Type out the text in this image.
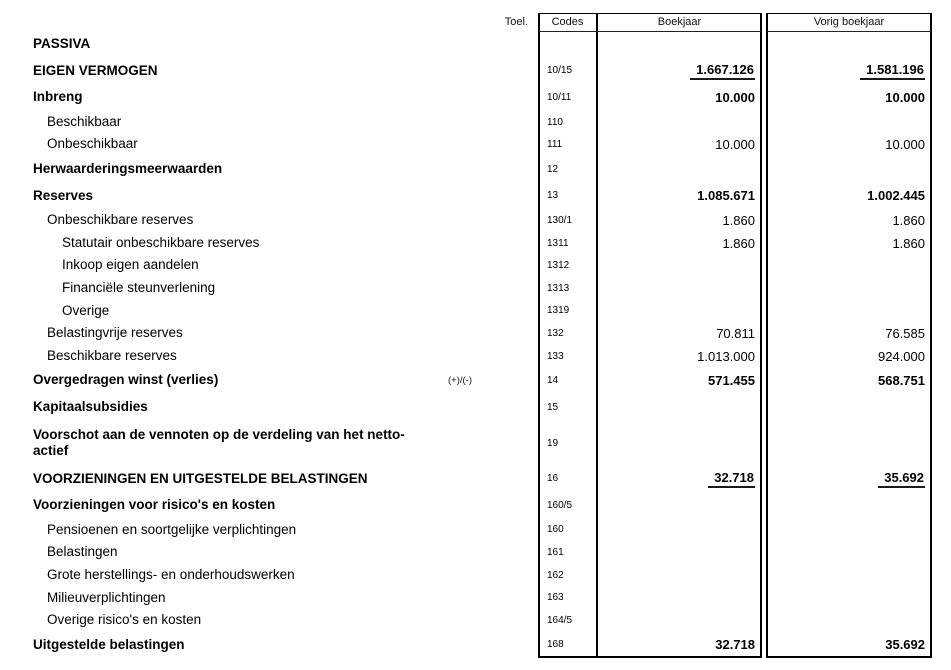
Toel.	Codes	Boekjaar	Vorig boekjaar
PASSIVA
EIGEN VERMOGEN	10/15	1.667.126	1.581.196
Inbreng	10/11	10.000	10.000
Beschikbaar	110
Onbeschikbaar	111	10.000	10.000
Herwaarderingsmeerwaarden	12
Reserves	13	1.085.671	1.002.445
Onbeschikbare reserves	130/1	1.860	1.860
Statutair onbeschikbare reserves	1311	1.860	1.860
Inkoop eigen aandelen	1312
Financiële steunverlening	1313
Overige	1319
Belastingvrije reserves	132	70.811	76.585
Beschikbare reserves	133	1.013.000	924.000
Overgedragen winst (verlies)	(+)/(-)	14	571.455	568.751
Kapitaalsubsidies	15
Voorschot aan de vennoten op de verdeling van het netto-actief	19
VOORZIENINGEN EN UITGESTELDE BELASTINGEN	16	32.718	35.692
Voorzieningen voor risico's en kosten	160/5
Pensioenen en soortgelijke verplichtingen	160
Belastingen	161
Grote herstellings- en onderhoudswerken	162
Milieuverplichtingen	163
Overige risico's en kosten	164/5
Uitgestelde belastingen	168	32.718	35.692
